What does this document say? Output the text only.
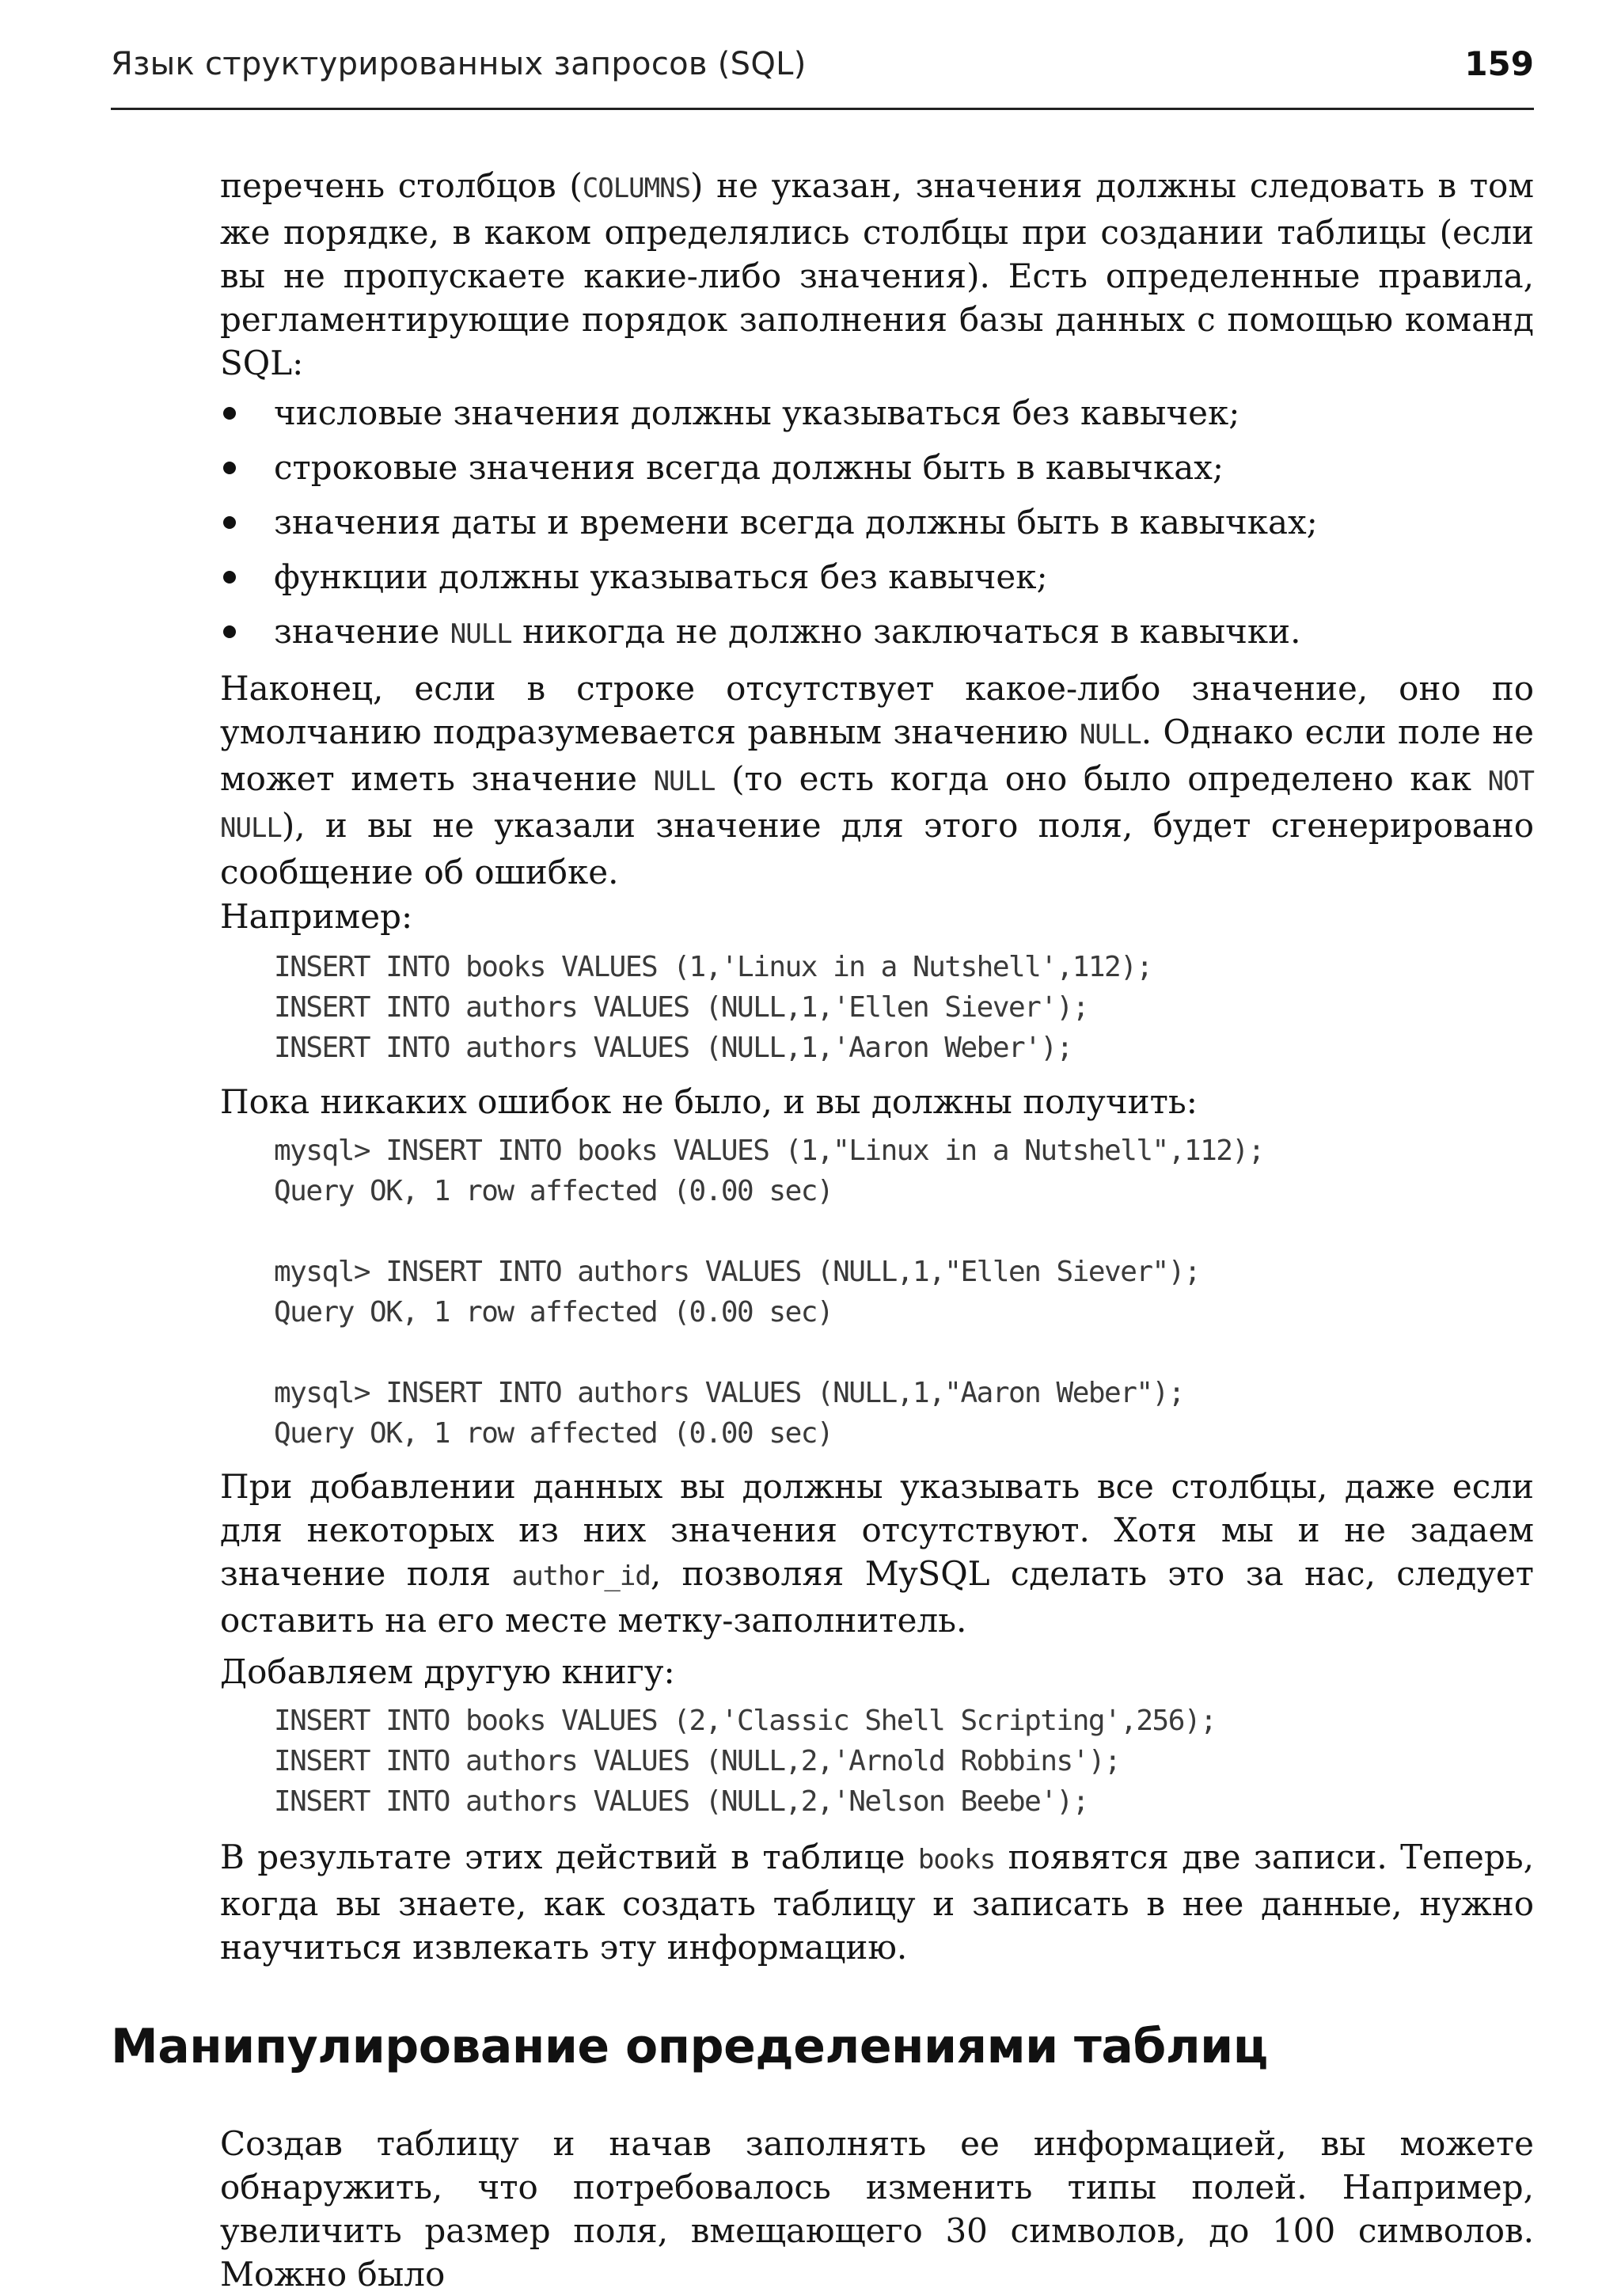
Язык структурированных запросов (SQL)	159

перечень столбцов (COLUMNS) не указан, значения должны следовать в том же порядке, в каком определялись столбцы при создании таблицы (если вы не пропускаете какие-либо значения). Есть определенные правила, регламентирующие порядок заполнения базы данных с помощью команд SQL:

числовые значения должны указываться без кавычек;
строковые значения всегда должны быть в кавычках;
значения даты и времени всегда должны быть в кавычках;
функции должны указываться без кавычек;
значение NULL никогда не должно заключаться в кавычки.

Наконец, если в строке отсутствует какое-либо значение, оно по умолчанию подразумевается равным значению NULL. Однако если поле не может иметь значение NULL (то есть когда оно было определено как NOT NULL), и вы не указали значение для этого поля, будет сгенерировано сообщение об ошибке.

Например:

INSERT INTO books VALUES (1,'Linux in a Nutshell',112);
INSERT INTO authors VALUES (NULL,1,'Ellen Siever');
INSERT INTO authors VALUES (NULL,1,'Aaron Weber');

Пока никаких ошибок не было, и вы должны получить:

mysql> INSERT INTO books VALUES (1,"Linux in a Nutshell",112);
Query OK, 1 row affected (0.00 sec)

mysql> INSERT INTO authors VALUES (NULL,1,"Ellen Siever");
Query OK, 1 row affected (0.00 sec)

mysql> INSERT INTO authors VALUES (NULL,1,"Aaron Weber");
Query OK, 1 row affected (0.00 sec)

При добавлении данных вы должны указывать все столбцы, даже если для некоторых из них значения отсутствуют. Хотя мы и не задаем значение поля author_id, позволяя MySQL сделать это за нас, следует оставить на его месте метку-заполнитель.

Добавляем другую книгу:

INSERT INTO books VALUES (2,'Classic Shell Scripting',256);
INSERT INTO authors VALUES (NULL,2,'Arnold Robbins');
INSERT INTO authors VALUES (NULL,2,'Nelson Beebe');

В результате этих действий в таблице books появятся две записи. Теперь, когда вы знаете, как создать таблицу и записать в нее данные, нужно научиться извлекать эту информацию.

Манипулирование определениями таблиц

Создав таблицу и начав заполнять ее информацией, вы можете обнаружить, что потребовалось изменить типы полей. Например, увеличить размер поля, вмещающего 30 символов, до 100 символов. Можно было
